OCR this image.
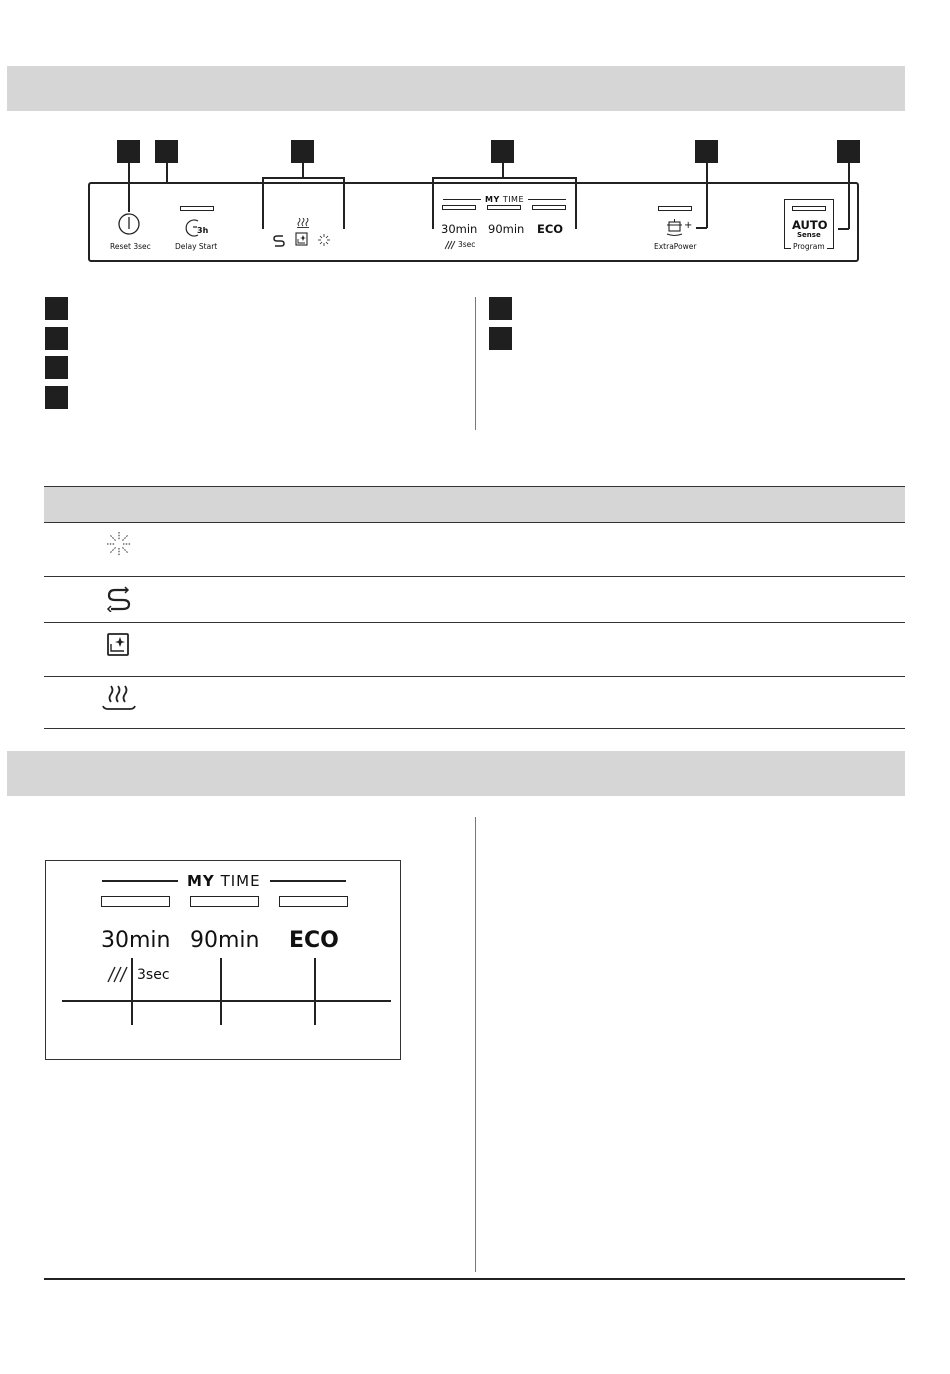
Reset 3sec
3h
Delay Start
MY TIME
30min 90min ECO
3sec
+
ExtraPower
AUTO
Sense
Program
MY TIME
30min 90min ECO
3sec
